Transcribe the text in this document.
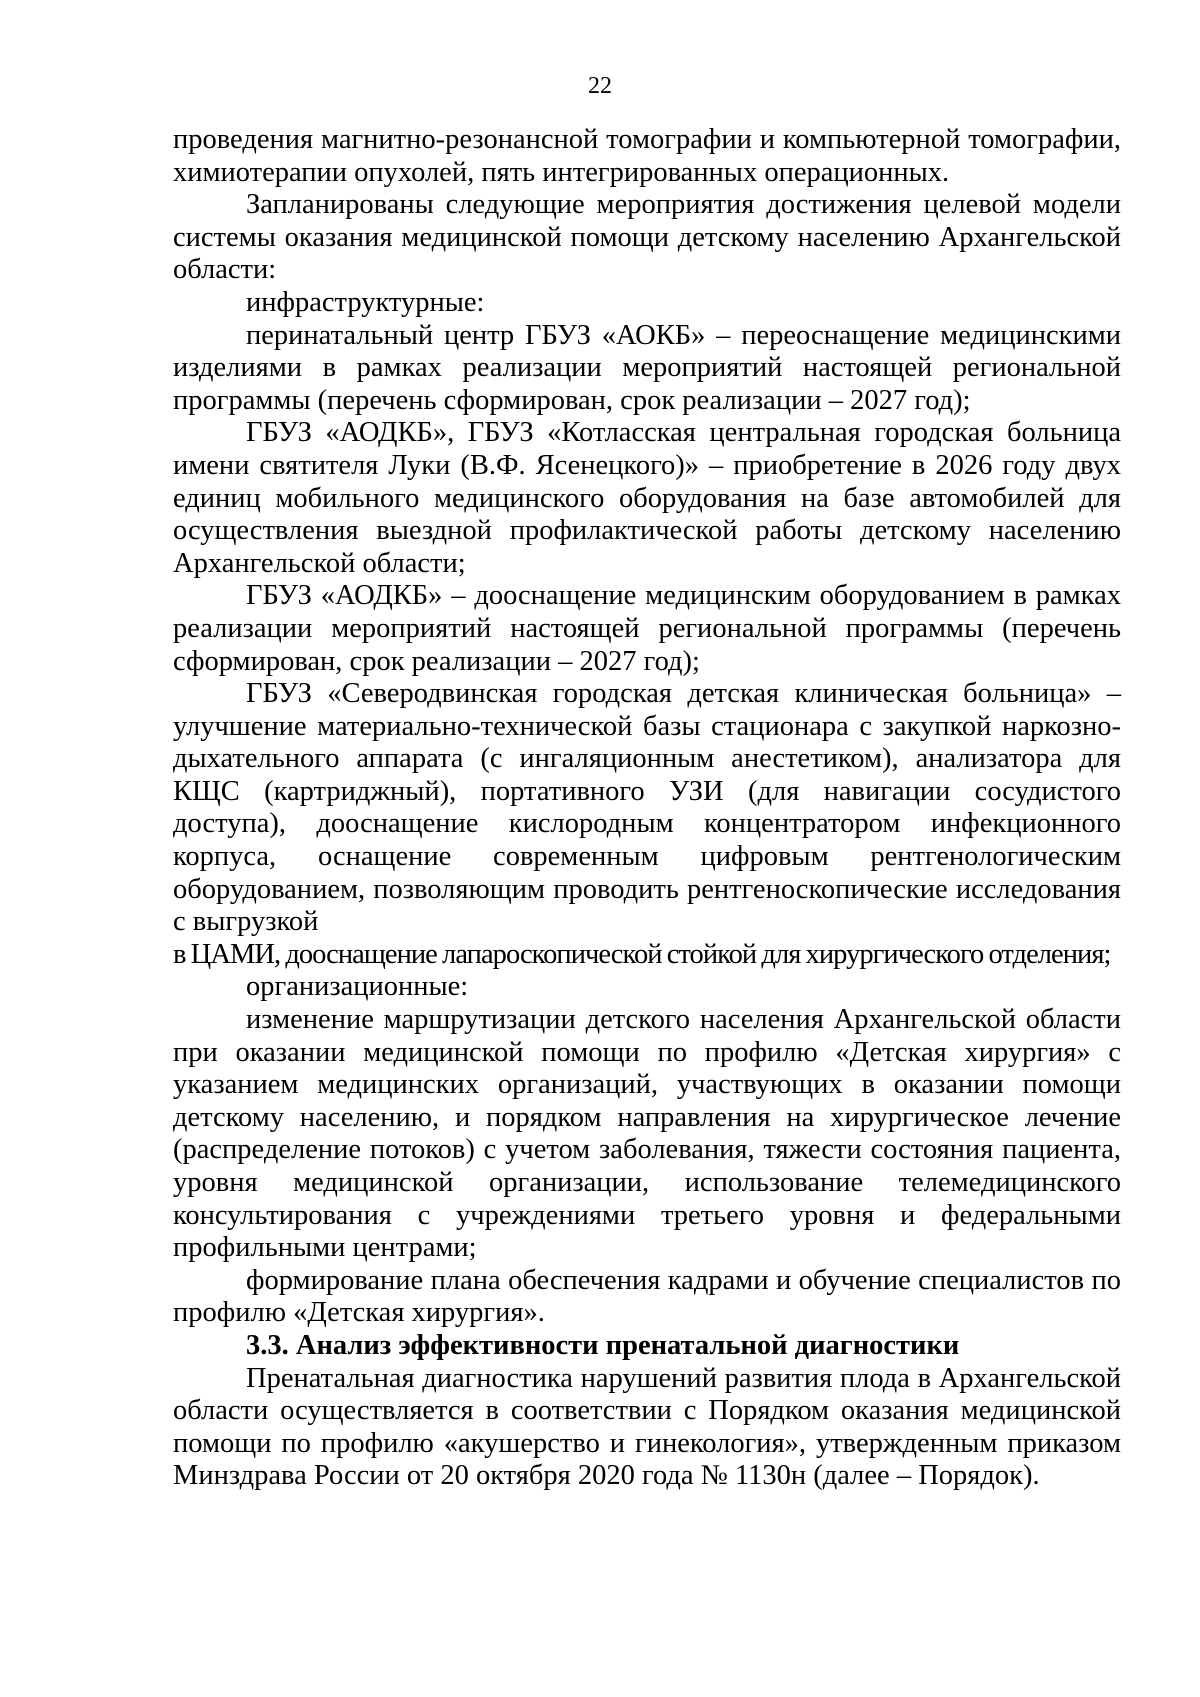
22

проведения магнитно-резонансной томографии и компьютерной томографии, химиотерапии опухолей, пять интегрированных операционных.

Запланированы следующие мероприятия достижения целевой модели системы оказания медицинской помощи детскому населению Архангельской области:

инфраструктурные:

перинатальный центр ГБУЗ «АОКБ» – переоснащение медицинскими изделиями в рамках реализации мероприятий настоящей региональной программы (перечень сформирован, срок реализации – 2027 год);

ГБУЗ «АОДКБ», ГБУЗ «Котласская центральная городская больница имени святителя Луки (В.Ф. Ясенецкого)» – приобретение в 2026 году двух единиц мобильного медицинского оборудования на базе автомобилей для осуществления выездной профилактической работы детскому населению Архангельской области;

ГБУЗ «АОДКБ» – дооснащение медицинским оборудованием в рамках реализации мероприятий настоящей региональной программы (перечень сформирован, срок реализации – 2027 год);

ГБУЗ «Северодвинская городская детская клиническая больница» – улучшение материально-технической базы стационара с закупкой наркозно-дыхательного аппарата (с ингаляционным анестетиком), анализатора для КЩС (картриджный), портативного УЗИ (для навигации сосудистого доступа), дооснащение кислородным концентратором инфекционного корпуса, оснащение современным цифровым рентгенологическим оборудованием, позволяющим проводить рентгеноскопические исследования с выгрузкой

в ЦАМИ, дооснащение лапароскопической стойкой для хирургического отделения;

организационные:

изменение маршрутизации детского населения Архангельской области при оказании медицинской помощи по профилю «Детская хирургия» с указанием медицинских организаций, участвующих в оказании помощи детскому населению, и порядком направления на хирургическое лечение (распределение потоков) с учетом заболевания, тяжести состояния пациента, уровня медицинской организации, использование телемедицинского консультирования с учреждениями третьего уровня и федеральными профильными центрами;

формирование плана обеспечения кадрами и обучение специалистов по профилю «Детская хирургия».

3.3. Анализ эффективности пренатальной диагностики

Пренатальная диагностика нарушений развития плода в Архангельской области осуществляется в соответствии с Порядком оказания медицинской помощи по профилю «акушерство и гинекология», утвержденным приказом Минздрава России от 20 октября 2020 года № 1130н (далее – Порядок).
